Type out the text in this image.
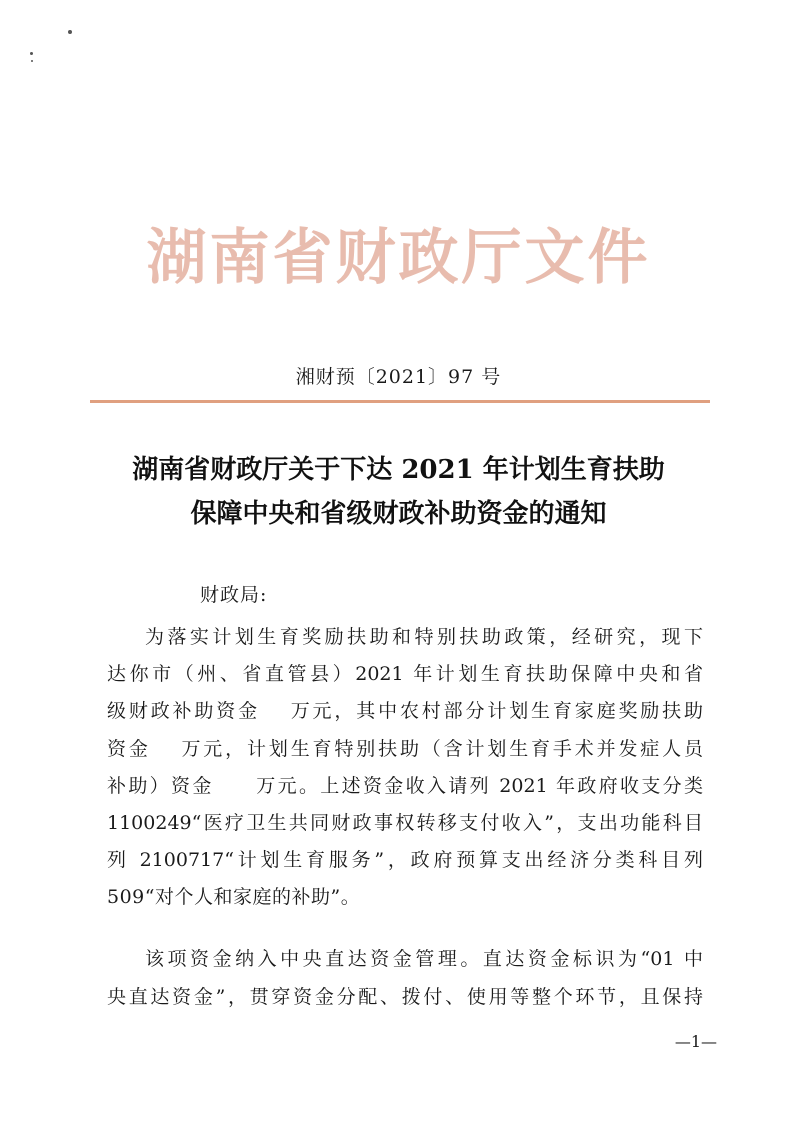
湖南省财政厅文件
湘财预〔2021〕97 号
湖南省财政厅关于下达 2021 年计划生育扶助
保障中央和省级财政补助资金的通知
财政局:
为落实计划生育奖励扶助和特别扶助政策，经研究，现下
达你市（州、省直管县）2021 年计划生育扶助保障中央和省
级财政补助资金　 万元，其中农村部分计划生育家庭奖励扶助
资金　 万元，计划生育特别扶助（含计划生育手术并发症人员
补助）资金　　万元。上述资金收入请列 2021 年政府收支分类
1100249“医疗卫生共同财政事权转移支付收入”，支出功能科目
列 2100717“计划生育服务”，政府预算支出经济分类科目列
509“对个人和家庭的补助”。
该项资金纳入中央直达资金管理。直达资金标识为“01 中
央直达资金”，贯穿资金分配、拨付、使用等整个环节，且保持
—1—
